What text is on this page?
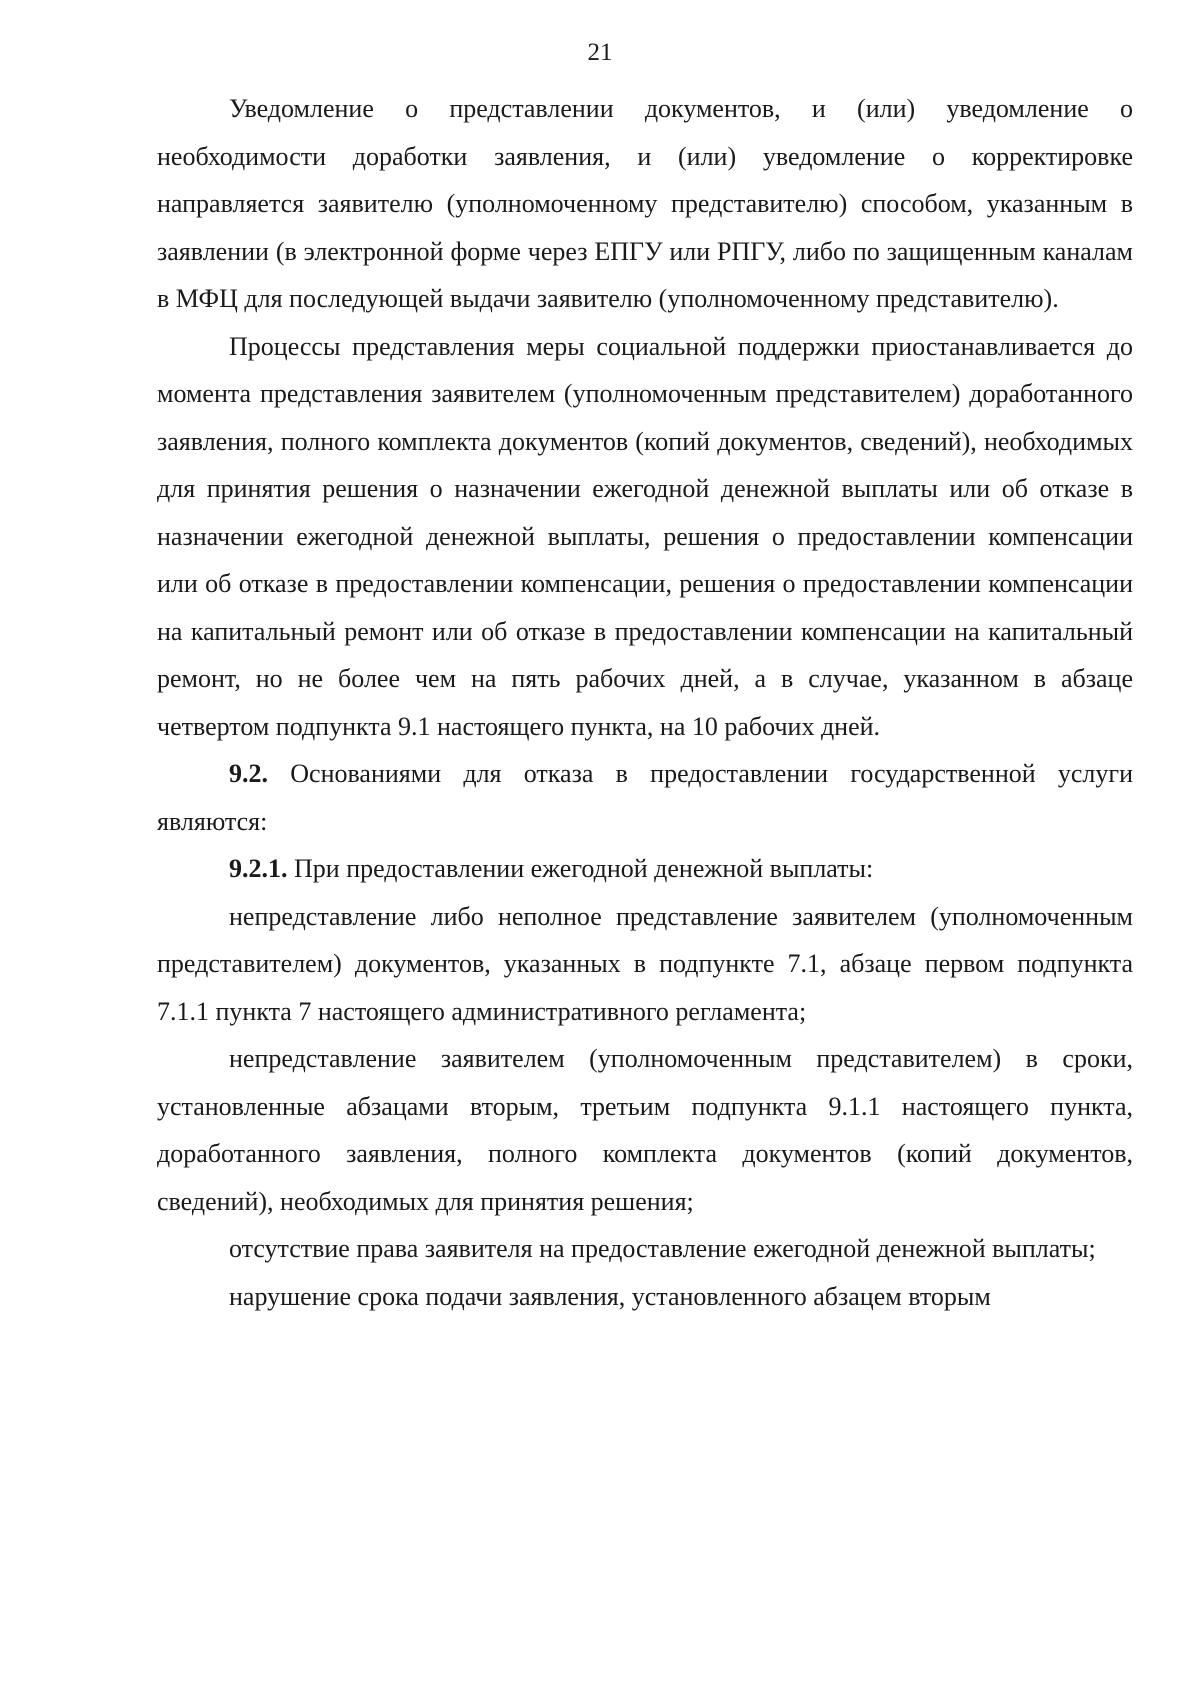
21

Уведомление о представлении документов, и (или) уведомление о необходимости доработки заявления, и (или) уведомление о корректировке направляется заявителю (уполномоченному представителю) способом, указанным в заявлении (в электронной форме через ЕПГУ или РПГУ, либо по защищенным каналам в МФЦ для последующей выдачи заявителю (уполномоченному представителю).

Процессы представления меры социальной поддержки приостанавливается до момента представления заявителем (уполномоченным представителем) доработанного заявления, полного комплекта документов (копий документов, сведений), необходимых для принятия решения о назначении ежегодной денежной выплаты или об отказе в назначении ежегодной денежной выплаты, решения о предоставлении компенсации или об отказе в предоставлении компенсации, решения о предоставлении компенсации на капитальный ремонт или об отказе в предоставлении компенсации на капитальный ремонт, но не более чем на пять рабочих дней, а в случае, указанном в абзаце четвертом подпункта 9.1 настоящего пункта, на 10 рабочих дней.

9.2. Основаниями для отказа в предоставлении государственной услуги являются:

9.2.1. При предоставлении ежегодной денежной выплаты:

непредставление либо неполное представление заявителем (уполномоченным представителем) документов, указанных в подпункте 7.1, абзаце первом подпункта 7.1.1 пункта 7 настоящего административного регламента;

непредставление заявителем (уполномоченным представителем) в сроки, установленные абзацами вторым, третьим подпункта 9.1.1 настоящего пункта, доработанного заявления, полного комплекта документов (копий документов, сведений), необходимых для принятия решения;

отсутствие права заявителя на предоставление ежегодной денежной выплаты;

нарушение срока подачи заявления, установленного абзацем вторым
